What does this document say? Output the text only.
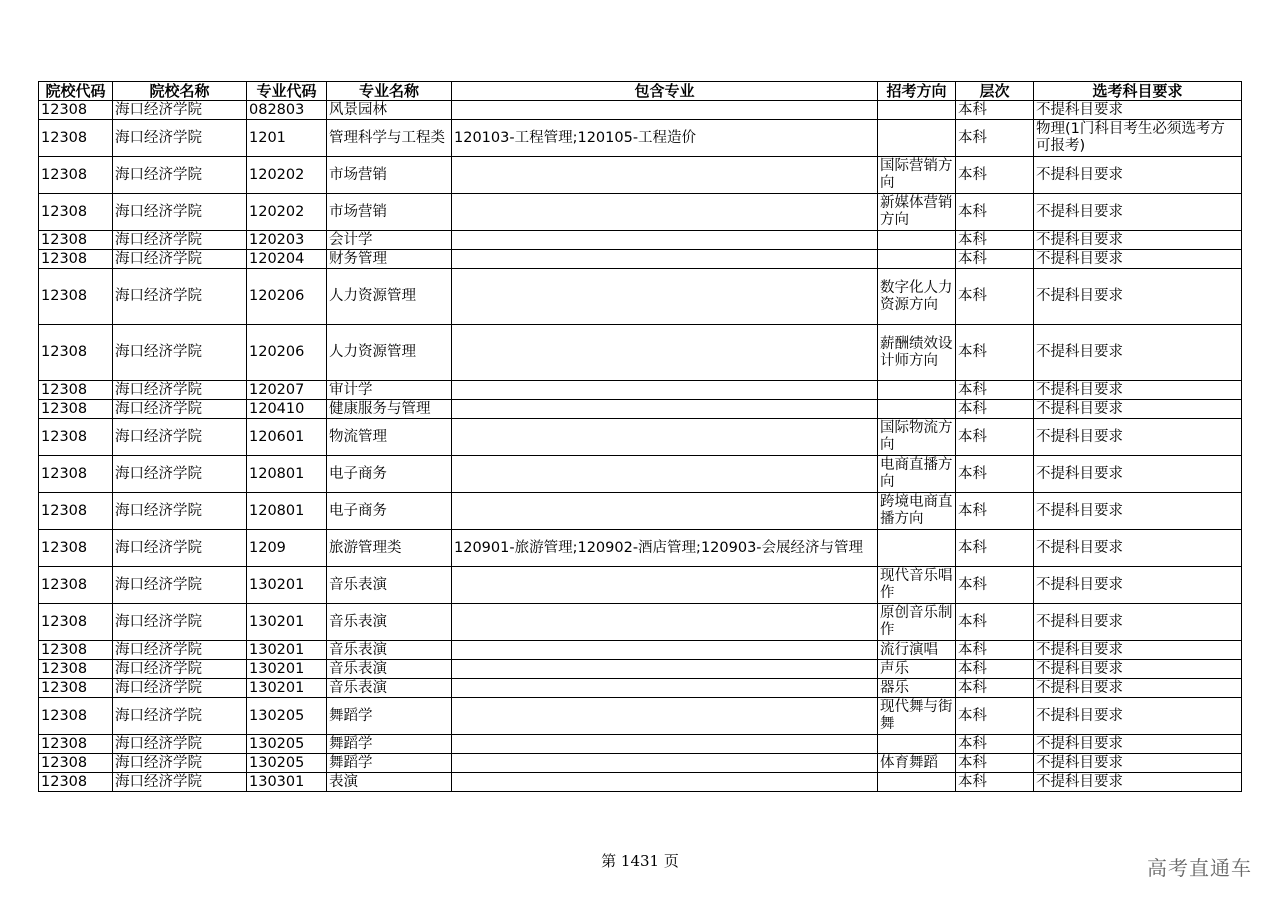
院校代码	院校名称	专业代码	专业名称	包含专业	招考方向	层次	选考科目要求
12308	海口经济学院	082803	风景园林			本科	不提科目要求
12308	海口经济学院	1201	管理科学与工程类	120103-工程管理;120105-工程造价		本科	物理(1门科目考生必须选考方可报考)
12308	海口经济学院	120202	市场营销		国际营销方向	本科	不提科目要求
12308	海口经济学院	120202	市场营销		新媒体营销方向	本科	不提科目要求
12308	海口经济学院	120203	会计学			本科	不提科目要求
12308	海口经济学院	120204	财务管理			本科	不提科目要求
12308	海口经济学院	120206	人力资源管理		数字化人力资源方向	本科	不提科目要求
12308	海口经济学院	120206	人力资源管理		薪酬绩效设计师方向	本科	不提科目要求
12308	海口经济学院	120207	审计学			本科	不提科目要求
12308	海口经济学院	120410	健康服务与管理			本科	不提科目要求
12308	海口经济学院	120601	物流管理		国际物流方向	本科	不提科目要求
12308	海口经济学院	120801	电子商务		电商直播方向	本科	不提科目要求
12308	海口经济学院	120801	电子商务		跨境电商直播方向	本科	不提科目要求
12308	海口经济学院	1209	旅游管理类	120901-旅游管理;120902-酒店管理;120903-会展经济与管理		本科	不提科目要求
12308	海口经济学院	130201	音乐表演		现代音乐唱作	本科	不提科目要求
12308	海口经济学院	130201	音乐表演		原创音乐制作	本科	不提科目要求
12308	海口经济学院	130201	音乐表演		流行演唱	本科	不提科目要求
12308	海口经济学院	130201	音乐表演		声乐	本科	不提科目要求
12308	海口经济学院	130201	音乐表演		器乐	本科	不提科目要求
12308	海口经济学院	130205	舞蹈学		现代舞与街舞	本科	不提科目要求
12308	海口经济学院	130205	舞蹈学			本科	不提科目要求
12308	海口经济学院	130205	舞蹈学		体育舞蹈	本科	不提科目要求
12308	海口经济学院	130301	表演			本科	不提科目要求
第 1431 页	高考直通车
